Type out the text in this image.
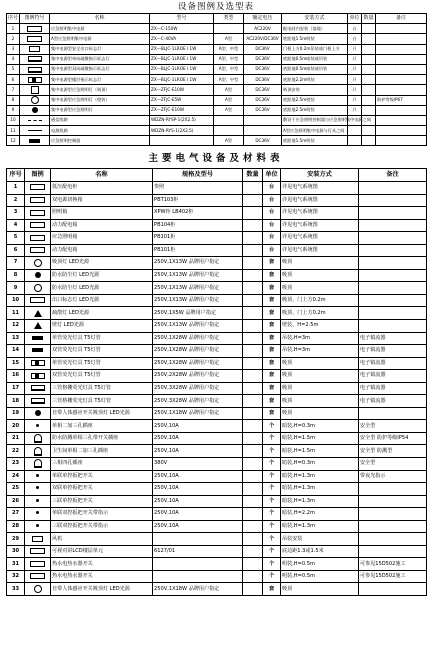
设备图例及选型表
序号	图例符号	名称	型号	类型	额定电压	安装方式	单位	数量	备注
1		应急照明集中电源	ZX—C-150W		AC220V	配电间内安装（落地）	台		
2		A型应急照明集中电源	ZX—C-40VA	A型	AC220V/DC36V	底距地1.5m明装	台		
3		集中电源型安全出口标志灯	ZX—BLJC-1LROE I 1W	A型，中型	DC36V	门框上方0.2m吊装或门框上方	只		
4		集中电源型单向疏散指示标志灯	ZX—BLJC-1LROE I 1W	A型，中型	DC36V	底距地0.5m暗装或吊装	只		
5		集中电源型双向疏散指示标志灯	ZX—BLJC-1LROE I 1W	A型，中型	DC36V	底距地0.5m暗装或吊装	只		
6		集中电源型楼层指示标志灯	ZX—BLJC-1LROE I 1W	A型，中型	DC36V	底距地2.2m明装	只		
7		集中电源型应急照明灯（吸顶）	ZX—ZFJC-E10W	A型	DC36V	吸顶安装	只		
8		集中电源型应急照明灯（壁装）	ZX—ZFJC-E5W	A型	DC36V	底距地2.5m壁装	只		防护等级IP67
9		集中电源型应急照明灯	ZX—ZFJC-E10W	A型	DC36V	底距地2.5m明装	只		
10		通信线路	WDZN-RYSP-1(2X2.5)			敷设于应急照明控制器与应急照明集中电源之间			
11		电源线路	WDZN-RYS-1(2X2.5)			A型应急照明集中电源与灯具之间			
12		应急照明控制器		A型	DC36V	底距地1.5m明装			
主要电气设备及材料表
序号	图例	名称	规格及型号	数量	单位	安装方式	备注
1		低压配电柜	参照		台	详见电气系统图	
2		双电源切换箱	PBT103柜		台	详见电气系统图	
3		照明箱	XPW柜 LB402柜		台	详见电气系统图	
4		动力配电箱	PB104柜		台	详见电气系统图	
5		应急照明箱	PB101柜		台	详见电气系统图	
6		动力配电箱	PB101柜		台	详见电气系统图	
7		吸顶灯 LED光源	250V,1X13W 品牌用户指定		套	吸顶	
8		防水防尘灯 LED光源	250V,1X13W 品牌用户指定		套	吸顶	
9		防水防尘灯 LED光源	250V,1X13W 品牌用户指定		套	吸顶	
10		出口标志灯 LED光源	250V,1X13W 品牌用户指定		套	吸顶，门上方0.2m	
11		疏散灯 LED光源	250V,1X5W 品牌用户指定		套	吸顶，门上方0.2m	
12		壁灯 LED光源	250V,1X13W 品牌用户指定		套	壁装，H=2.5m	
13		单管荧光灯具 T5灯管	250V,1X28W 品牌用户指定		套	吊装,H=3m	电子镇流器
14		双管荧光灯具 T5灯管	250V,1X28W 品牌用户指定		套	吊装,H=3m	电子镇流器
15		单管荧光灯具 T5灯管	250V,1X28W 品牌用户指定		套	吸顶	电子镇流器
16		双管荧光灯具 T5灯管	250V,2X28W 品牌用户指定		套	吸顶	电子镇流器
17		三管格栅荧光灯具 T5灯管	250V,3X28W 品牌用户指定		套	吸顶	电子镇流器
18		三管格栅荧光灯具 T5灯管	250V,3X28W 品牌用户指定		套	吸顶	电子镇流器
19		自带人体感应开关吸顶灯 LED光源	250V,1X18W 品牌用户指定		套	吸顶	
20		单相二加三孔插座	250V,10A		个	暗装,H=0.3m	安全型
21		防水防溅单相三孔带开关插座	250V,10A		个	暗装,H=1.5m	安全型 防护等级IP54
22		卫生间单相二加三孔插座	250V,10A		个	暗装,H=1.5m	安全型 防溅型
23		三相四孔插座	380V		个	暗装,H=0.3m	安全型
24		单联单控扳把开关	250V,10A		个	暗装,H=1.3m	带夜光指示
25		双联单控扳把开关	250V,10A		个	暗装,H=1.3m	
26		三联单控扳把开关	250V,10A		个	暗装,H=1.3m	
27		单联双控扳把开关带指示	250V,10A		个	暗装,H=2.2m	
28		三联双控扳把开关带指示	250V,10A		个	暗装,H=1.3m	
29		风机			个	吊装安装	
30		可视对讲LCD楼层单元	6127/01		个	底边距1.3或1.5米	
31		热水电热水器开关			个	明装,H=0.5m	可参见15D502施工
32		热水电热水器开关			个	明装,H=0.5m	可参见15D502施工
33		自带人体感应开关吸顶灯 LED光源	250V,1X18W 品牌用户指定		套	吸顶	
